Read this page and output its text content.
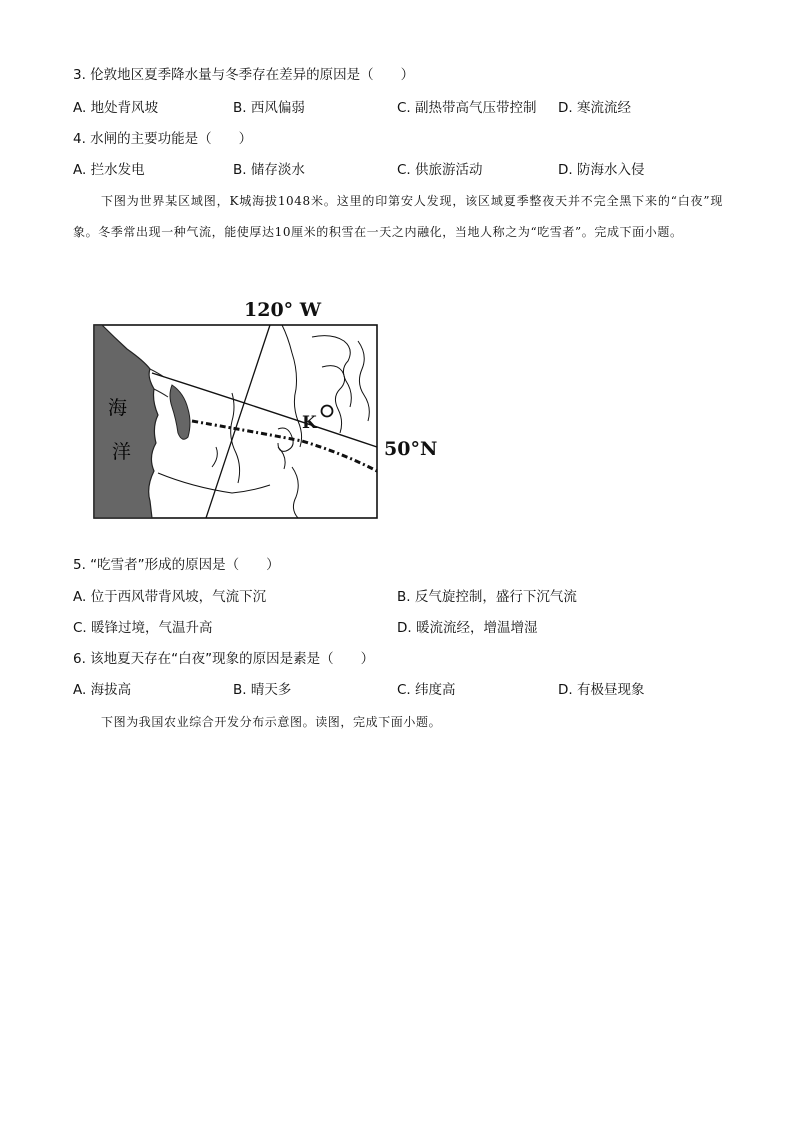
3. 伦敦地区夏季降水量与冬季存在差异的原因是（　　）
A. 地处背风坡	B. 西风偏弱	C. 副热带高气压带控制 D. 寒流流经
4. 水闸的主要功能是（　　）
A. 拦水发电	B. 储存淡水	C. 供旅游活动	D. 防海水入侵
下图为世界某区域图，K城海拔1048米。这里的印第安人发现，该区域夏季整夜天并不完全黑下来的“白夜”现象。冬季常出现一种气流，能使厚达10厘米的积雪在一天之内融化，当地人称之为“吃雪者”。完成下面小题。
120° W
50°N
K
海
洋
5. “吃雪者”形成的原因是（　　）
A. 位于西风带背风坡，气流下沉	B. 反气旋控制，盛行下沉气流
C. 暖锋过境，气温升高	D. 暖流流经，增温增湿
6. 该地夏天存在“白夜”现象的原因是素是（　　）
A. 海拔高	B. 晴天多	C. 纬度高	D. 有极昼现象
下图为我国农业综合开发分布示意图。读图，完成下面小题。
